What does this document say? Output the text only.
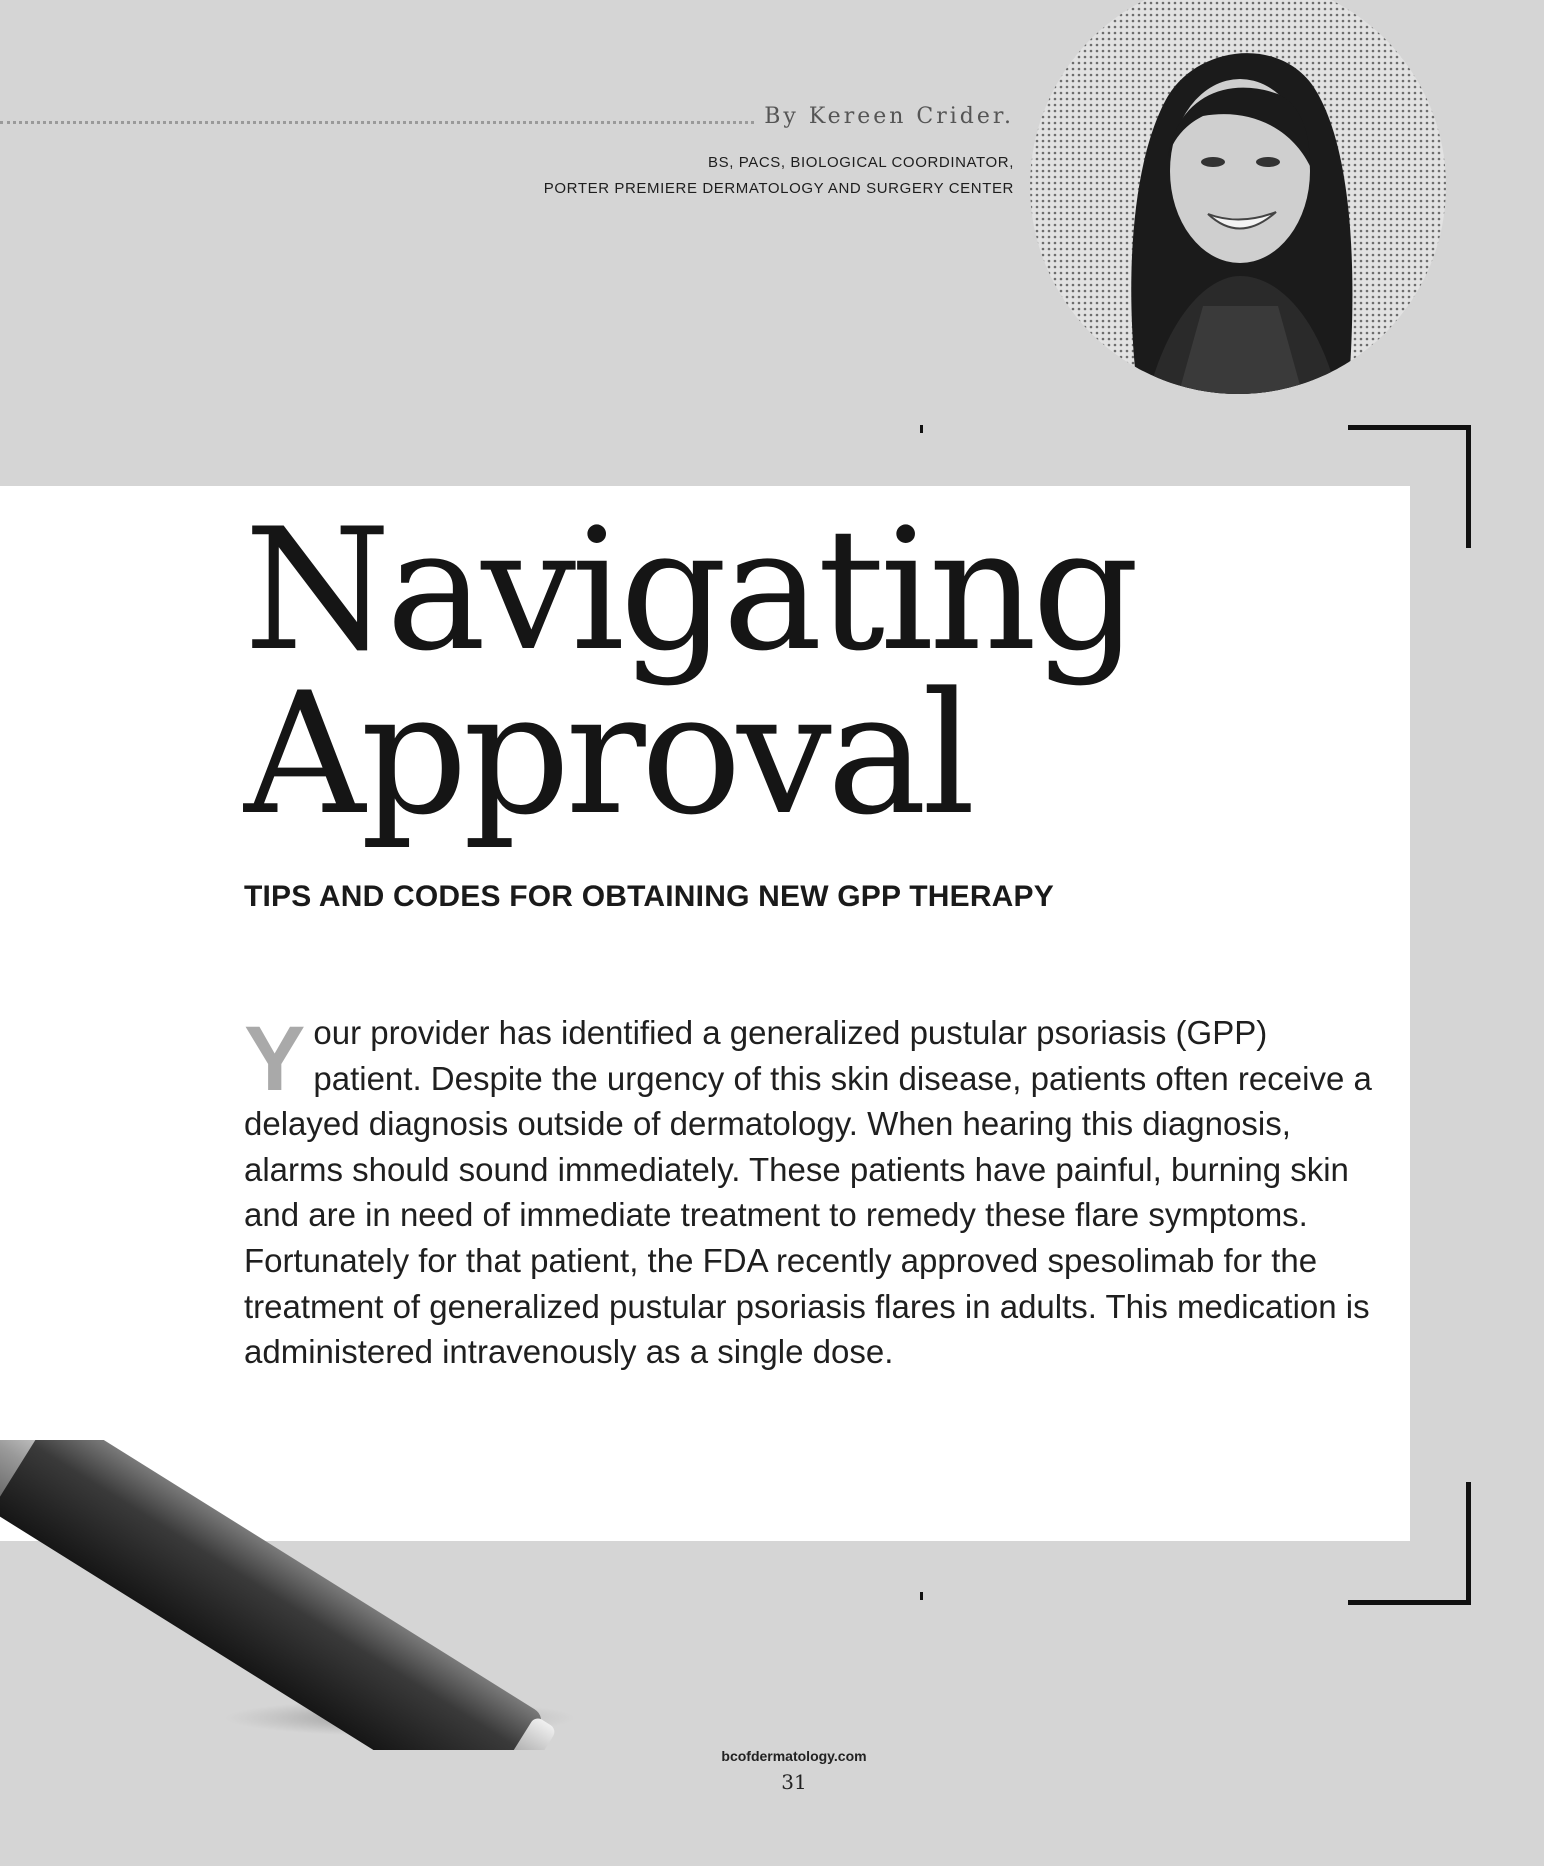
By Kereen Crider.
BS, PACS, BIOLOGICAL COORDINATOR,
PORTER PREMIERE DERMATOLOGY AND SURGERY CENTER
Navigating
Approval
TIPS AND CODES FOR OBTAINING NEW GPP THERAPY

Your provider has identified a generalized pustular psoriasis (GPP) patient. Despite the urgency of this skin disease, patients often receive a delayed diagnosis outside of dermatology. When hearing this diagnosis, alarms should sound immediately. These patients have painful, burning skin and are in need of immediate treatment to remedy these flare symptoms. Fortunately for that patient, the FDA recently approved spesolimab for the treatment of generalized pustular psoriasis flares in adults. This medication is administered intravenously as a single dose.

bcofdermatology.com
31
